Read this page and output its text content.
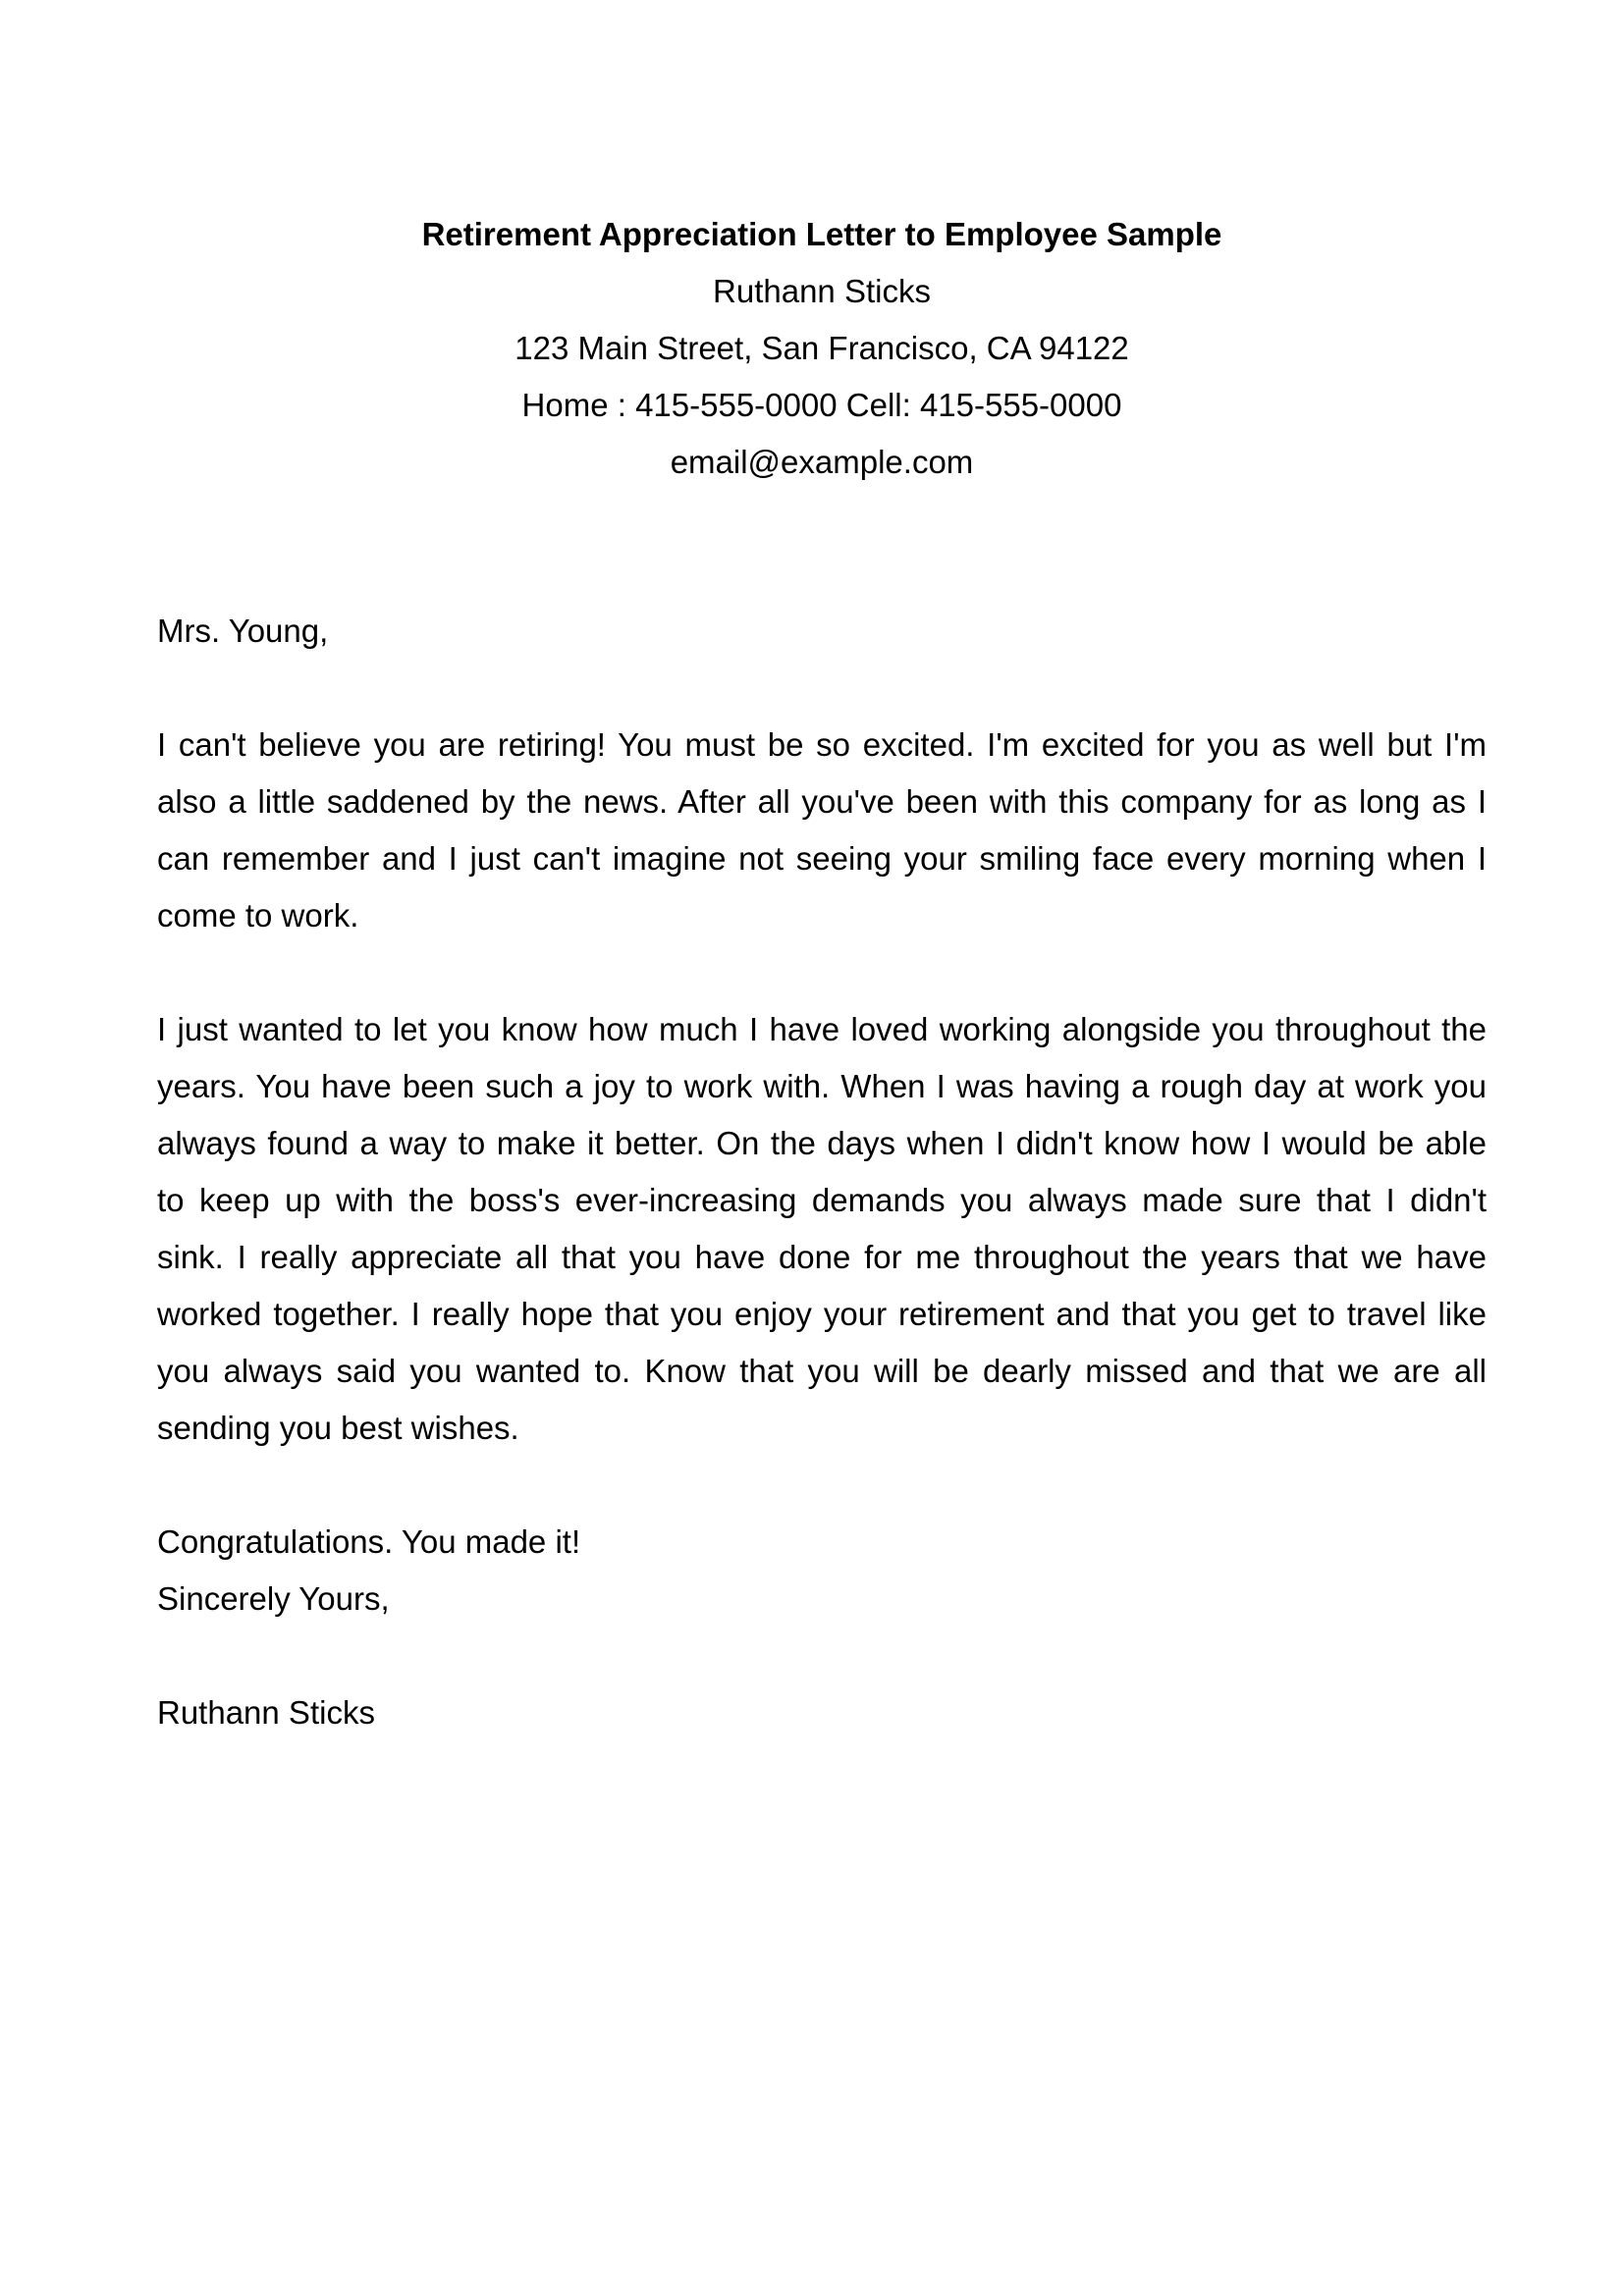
Retirement Appreciation Letter to Employee Sample
Ruthann Sticks
123 Main Street, San Francisco, CA 94122
Home : 415-555-0000 Cell: 415-555-0000
email@example.com
Mrs. Young,
I can't believe you are retiring! You must be so excited. I'm excited for you as well but I'm
also a little saddened by the news. After all you've been with this company for as long as I
can remember and I just can't imagine not seeing your smiling face every morning when I
come to work.
I just wanted to let you know how much I have loved working alongside you throughout the
years. You have been such a joy to work with. When I was having a rough day at work you
always found a way to make it better. On the days when I didn't know how I would be able
to keep up with the boss's ever-increasing demands you always made sure that I didn't
sink. I really appreciate all that you have done for me throughout the years that we have
worked together. I really hope that you enjoy your retirement and that you get to travel like
you always said you wanted to. Know that you will be dearly missed and that we are all
sending you best wishes.
Congratulations. You made it!
Sincerely Yours,
Ruthann Sticks
